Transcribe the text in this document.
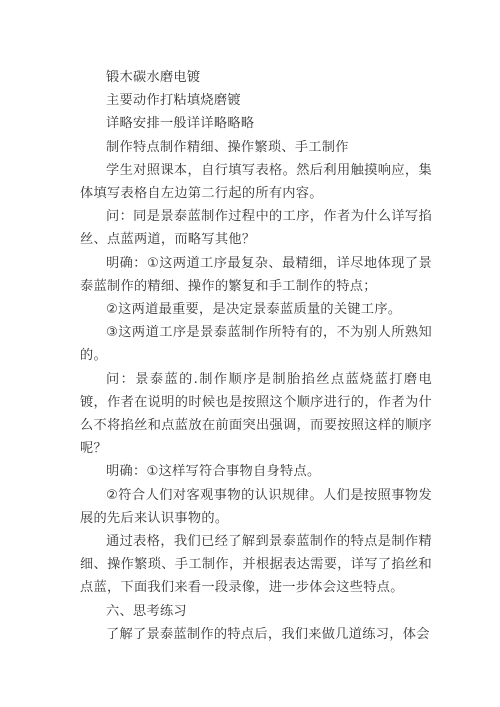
锻木碳水磨电镀

主要动作打粘填烧磨镀

详略安排一般详详略略略

制作特点制作精细、操作繁琐、手工制作

学生对照课本，自行填写表格。然后利用触摸响应，集体填写表格自左边第二行起的所有内容。

问：同是景泰蓝制作过程中的工序，作者为什么详写掐丝、点蓝两道，而略写其他？

明确：①这两道工序最复杂、最精细，详尽地体现了景泰蓝制作的精细、操作的繁复和手工制作的特点；

②这两道最重要，是决定景泰蓝质量的关键工序。

③这两道工序是景泰蓝制作所特有的，不为别人所熟知的。

问：景泰蓝的.制作顺序是制胎掐丝点蓝烧蓝打磨电镀，作者在说明的时候也是按照这个顺序进行的，作者为什么不将掐丝和点蓝放在前面突出强调，而要按照这样的顺序呢？

明确：①这样写符合事物自身特点。

②符合人们对客观事物的认识规律。人们是按照事物发展的先后来认识事物的。

通过表格，我们已经了解到景泰蓝制作的特点是制作精细、操作繁琐、手工制作，并根据表达需要，详写了掐丝和点蓝，下面我们来看一段录像，进一步体会这些特点。

六、思考练习

了解了景泰蓝制作的特点后，我们来做几道练习，体会
